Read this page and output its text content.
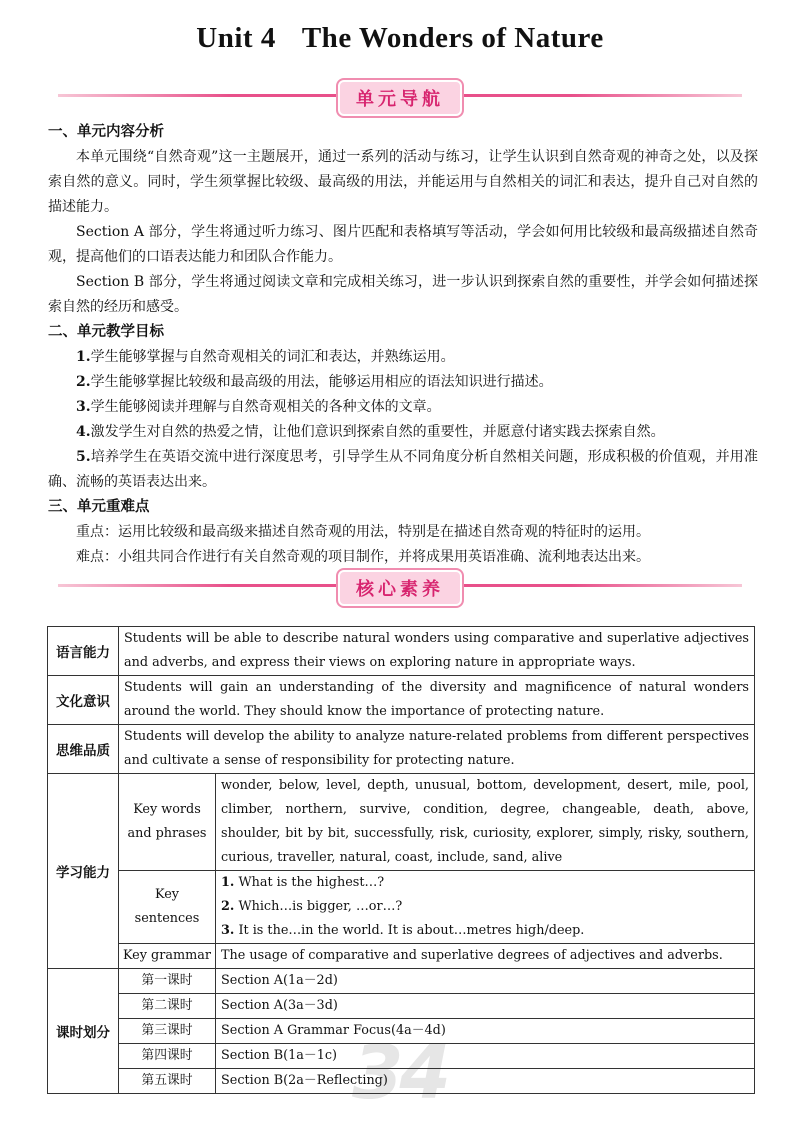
Unit 4 The Wonders of Nature
单元导航

一、单元内容分析

本单元围绕“自然奇观”这一主题展开，通过一系列的活动与练习，让学生认识到自然奇观的神奇之处，以及探索自然的意义。同时，学生须掌握比较级、最高级的用法，并能运用与自然相关的词汇和表达，提升自己对自然的描述能力。

Section A 部分，学生将通过听力练习、图片匹配和表格填写等活动，学会如何用比较级和最高级描述自然奇观，提高他们的口语表达能力和团队合作能力。

Section B 部分，学生将通过阅读文章和完成相关练习，进一步认识到探索自然的重要性，并学会如何描述探索自然的经历和感受。

二、单元教学目标

1.学生能够掌握与自然奇观相关的词汇和表达，并熟练运用。

2.学生能够掌握比较级和最高级的用法，能够运用相应的语法知识进行描述。

3.学生能够阅读并理解与自然奇观相关的各种文体的文章。

4.激发学生对自然的热爱之情，让他们意识到探索自然的重要性，并愿意付诸实践去探索自然。

5.培养学生在英语交流中进行深度思考，引导学生从不同角度分析自然相关问题，形成积极的价值观，并用准确、流畅的英语表达出来。

三、单元重难点

重点：运用比较级和最高级来描述自然奇观的用法，特别是在描述自然奇观的特征时的运用。

难点：小组共同合作进行有关自然奇观的项目制作，并将成果用英语准确、流利地表达出来。

核心素养
34
语言能力	Students will be able to describe natural wonders using comparative and superlative adjectives and adverbs, and express their views on exploring nature in appropriate ways.	
文化意识	Students will gain an understanding of the diversity and magnificence of natural wonders around the world. They should know the importance of protecting nature.	
思维品质	Students will develop the ability to analyze nature-related problems from different perspectives and cultivate a sense of responsibility for protecting nature.	
学习能力	Key words and phrases	wonder, below, level, depth, unusual, bottom, development, desert, mile, pool, climber, northern, survive, condition, degree, changeable, death, above, shoulder, bit by bit, successfully, risk, curiosity, explorer, simply, risky, southern, curious, traveller, natural, coast, include, sand, alive
	Key sentences	1. What is the highest…?
2. Which…is bigger, …or…?
3. It is the…in the world. It is about…metres high/deep.

	Key grammar	The usage of comparative and superlative degrees of adjectives and adverbs.
课时划分	第一课时	Section A(1a－2d)
	第二课时	Section A(3a－3d)
	第三课时	Section A Grammar Focus(4a－4d)
	第四课时	Section B(1a－1c)
	第五课时	Section B(2a－Reflecting)
